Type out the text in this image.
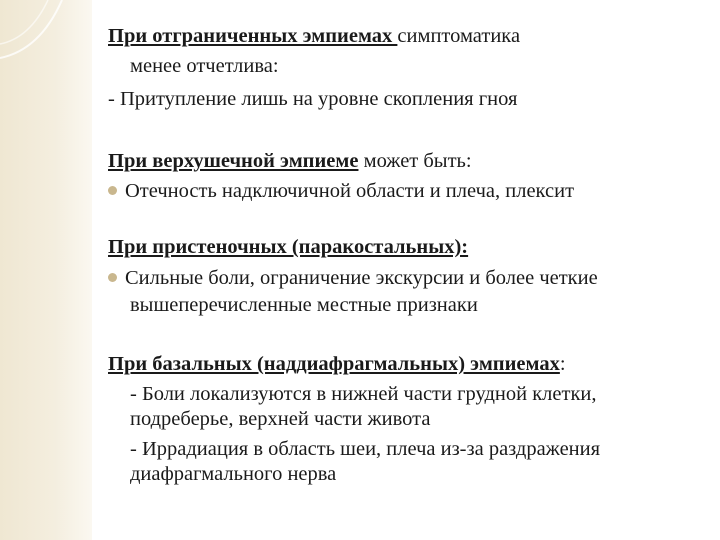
При отграниченных эмпиемах симптоматика
менее отчетлива:
- Притупление лишь на уровне скопления гноя
При верхушечной эмпиеме может быть:
Отечность надключичной области и плеча, плексит
При пристеночных (паракостальных):
Сильные боли, ограничение экскурсии и более четкие
вышеперечисленные местные признаки
При базальных (наддиафрагмальных) эмпиемах:
- Боли локализуются в нижней части грудной клетки,
подреберье, верхней части живота
- Иррадиация в область шеи, плеча из-за раздражения
диафрагмального нерва
